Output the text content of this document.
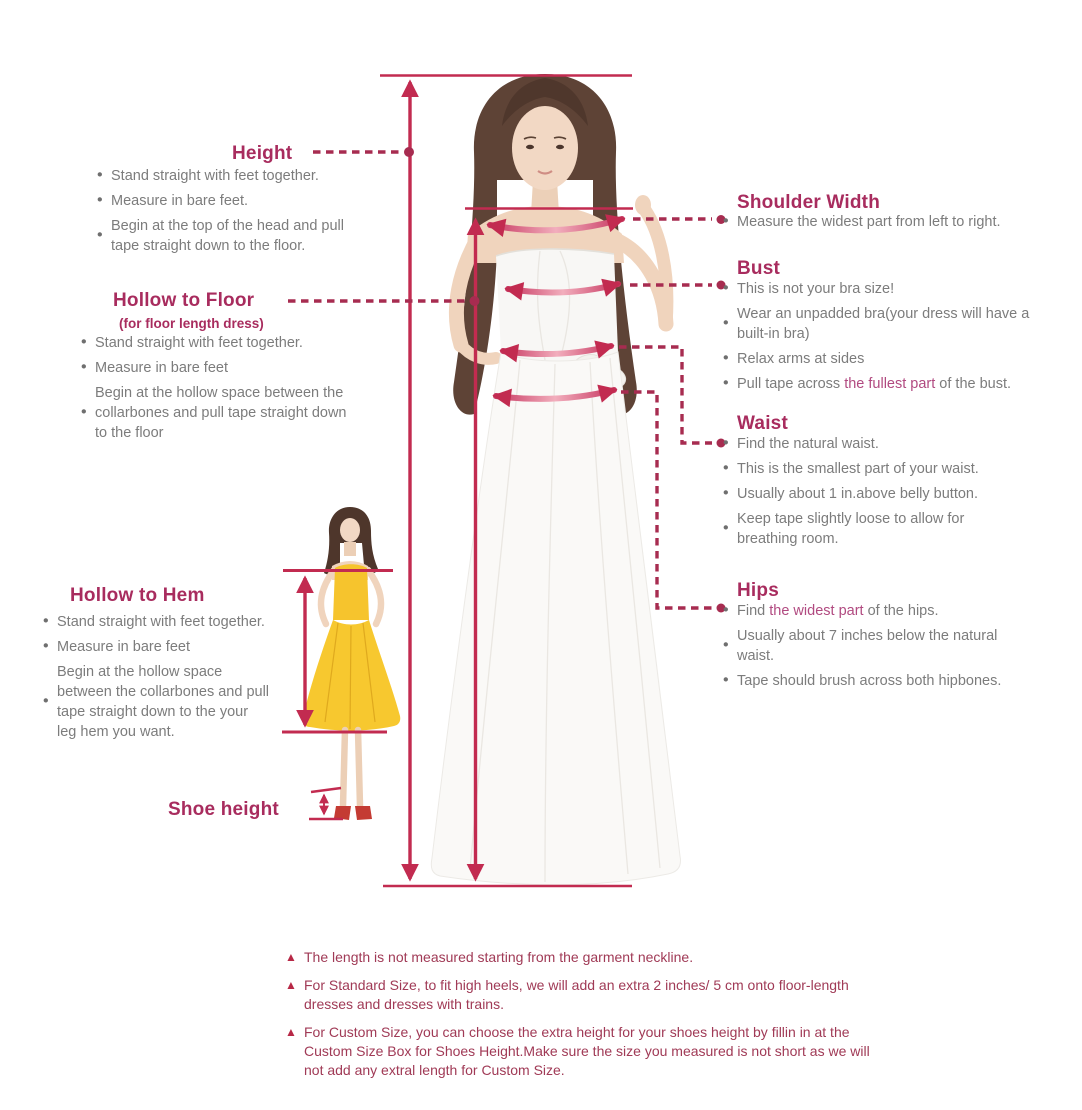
Height
• Stand straight with feet together.
• Measure in bare feet.
• Begin at the top of the head and pull tape straight down to the floor.
Hollow to Floor
(for floor length dress)
• Stand straight with feet together.
• Measure in bare feet
• Begin at the hollow space between the collarbones and pull tape straight down to the floor
Hollow to Hem
• Stand straight with feet together.
• Measure in bare feet
• Begin at the hollow space between the collarbones and pull tape straight down to the your leg hem you want.
Shoe height
Shoulder Width
• Measure the widest part from left to right.
Bust
• This is not your bra size!
• Wear an unpadded bra(your dress will have a built-in bra)
• Relax arms at sides
• Pull tape across the fullest part of the bust.
Waist
• Find the natural waist.
• This is the smallest part of your waist.
• Usually about 1 in.above belly button.
• Keep tape slightly loose to allow for breathing room.
Hips
• Find the widest part of the hips.
• Usually about 7 inches below the natural waist.
• Tape should brush across both hipbones.
▲ The length is not measured starting from the garment neckline.
▲ For Standard Size, to fit high heels, we will add an extra 2 inches/ 5 cm onto floor-length dresses and dresses with trains.
▲ For Custom Size, you can choose the extra height for your shoes height by fillin in at the Custom Size Box for Shoes Height.Make sure the size you measured is not short as we will not add any extral length for Custom Size.
